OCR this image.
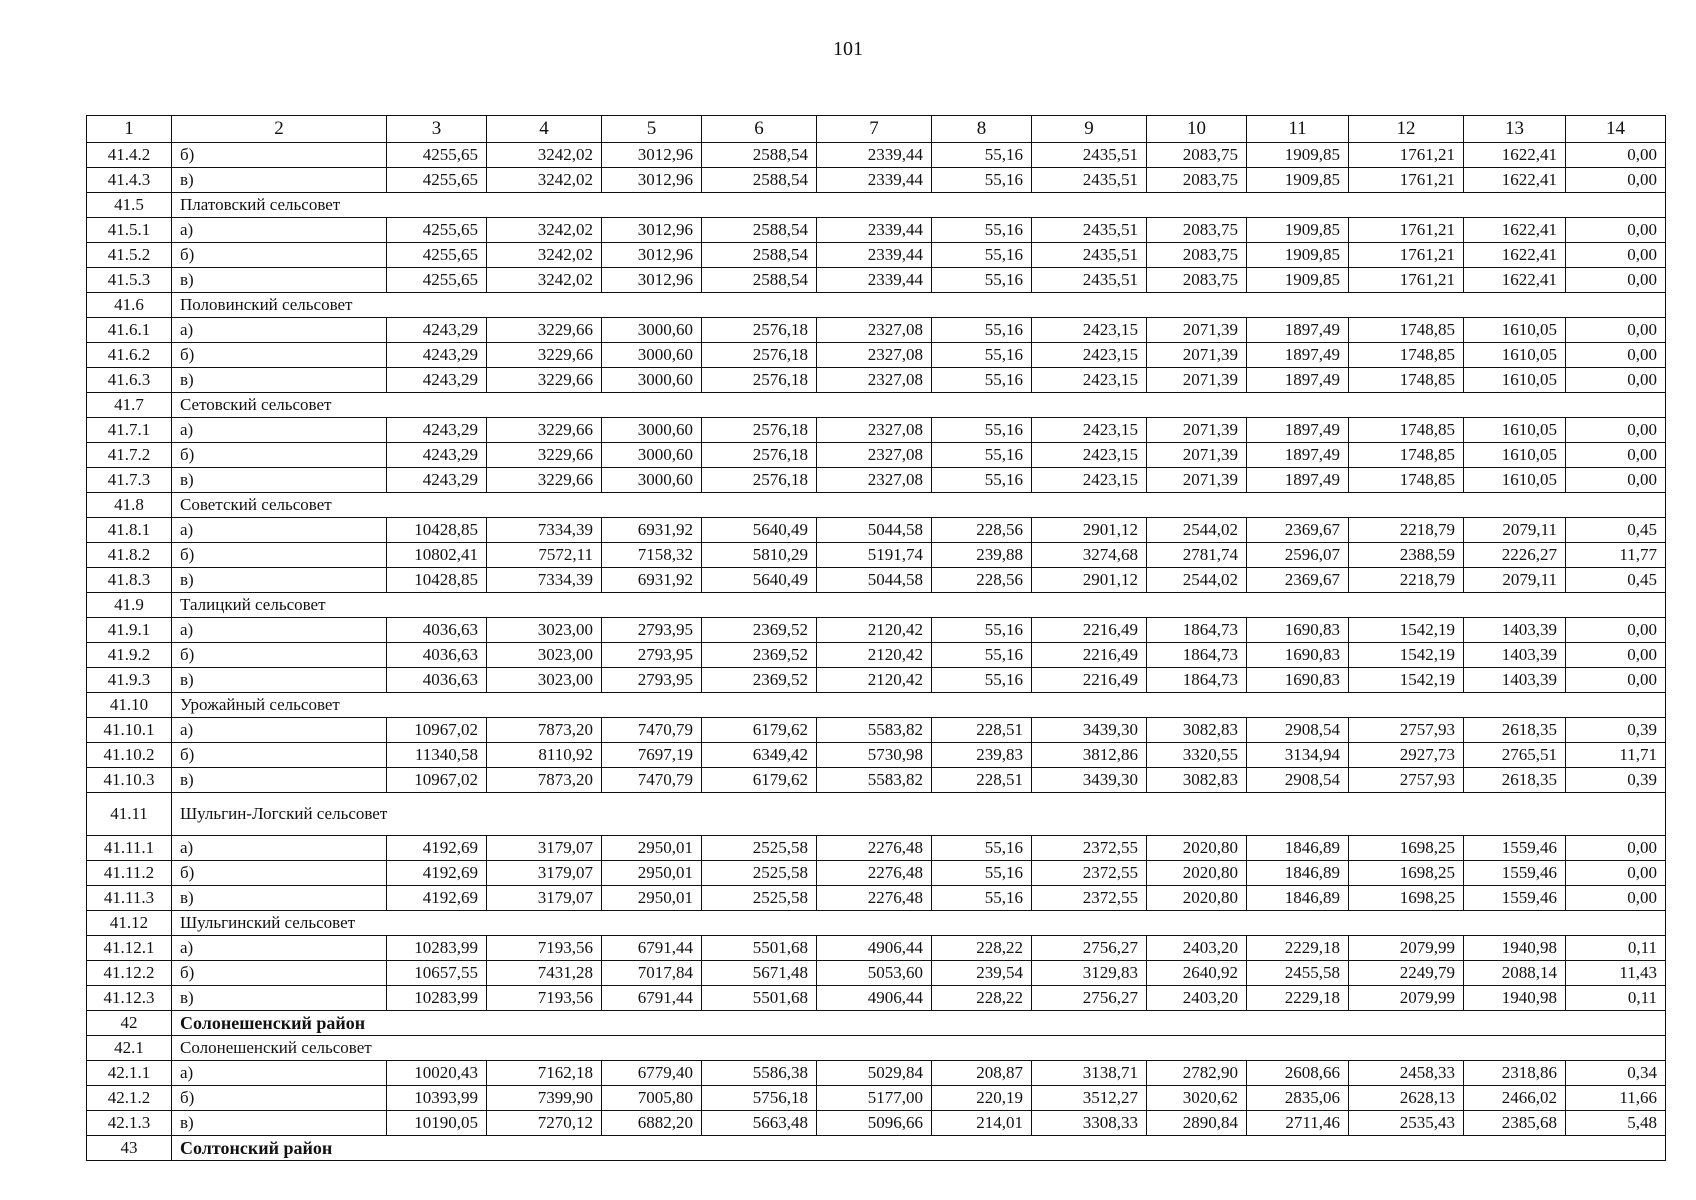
101
1	2	3	4	5	6	7	8	9	10	11	12	13	14
41.4.2	б)	4255,65	3242,02	3012,96	2588,54	2339,44	55,16	2435,51	2083,75	1909,85	1761,21	1622,41	0,00
41.4.3	в)	4255,65	3242,02	3012,96	2588,54	2339,44	55,16	2435,51	2083,75	1909,85	1761,21	1622,41	0,00
41.5	Платовский сельсовет												
41.5.1	а)	4255,65	3242,02	3012,96	2588,54	2339,44	55,16	2435,51	2083,75	1909,85	1761,21	1622,41	0,00
41.5.2	б)	4255,65	3242,02	3012,96	2588,54	2339,44	55,16	2435,51	2083,75	1909,85	1761,21	1622,41	0,00
41.5.3	в)	4255,65	3242,02	3012,96	2588,54	2339,44	55,16	2435,51	2083,75	1909,85	1761,21	1622,41	0,00
41.6	Половинский сельсовет												
41.6.1	а)	4243,29	3229,66	3000,60	2576,18	2327,08	55,16	2423,15	2071,39	1897,49	1748,85	1610,05	0,00
41.6.2	б)	4243,29	3229,66	3000,60	2576,18	2327,08	55,16	2423,15	2071,39	1897,49	1748,85	1610,05	0,00
41.6.3	в)	4243,29	3229,66	3000,60	2576,18	2327,08	55,16	2423,15	2071,39	1897,49	1748,85	1610,05	0,00
41.7	Сетовский сельсовет												
41.7.1	а)	4243,29	3229,66	3000,60	2576,18	2327,08	55,16	2423,15	2071,39	1897,49	1748,85	1610,05	0,00
41.7.2	б)	4243,29	3229,66	3000,60	2576,18	2327,08	55,16	2423,15	2071,39	1897,49	1748,85	1610,05	0,00
41.7.3	в)	4243,29	3229,66	3000,60	2576,18	2327,08	55,16	2423,15	2071,39	1897,49	1748,85	1610,05	0,00
41.8	Советский сельсовет												
41.8.1	а)	10428,85	7334,39	6931,92	5640,49	5044,58	228,56	2901,12	2544,02	2369,67	2218,79	2079,11	0,45
41.8.2	б)	10802,41	7572,11	7158,32	5810,29	5191,74	239,88	3274,68	2781,74	2596,07	2388,59	2226,27	11,77
41.8.3	в)	10428,85	7334,39	6931,92	5640,49	5044,58	228,56	2901,12	2544,02	2369,67	2218,79	2079,11	0,45
41.9	Талицкий сельсовет												
41.9.1	а)	4036,63	3023,00	2793,95	2369,52	2120,42	55,16	2216,49	1864,73	1690,83	1542,19	1403,39	0,00
41.9.2	б)	4036,63	3023,00	2793,95	2369,52	2120,42	55,16	2216,49	1864,73	1690,83	1542,19	1403,39	0,00
41.9.3	в)	4036,63	3023,00	2793,95	2369,52	2120,42	55,16	2216,49	1864,73	1690,83	1542,19	1403,39	0,00
41.10	Урожайный сельсовет												
41.10.1	а)	10967,02	7873,20	7470,79	6179,62	5583,82	228,51	3439,30	3082,83	2908,54	2757,93	2618,35	0,39
41.10.2	б)	11340,58	8110,92	7697,19	6349,42	5730,98	239,83	3812,86	3320,55	3134,94	2927,73	2765,51	11,71
41.10.3	в)	10967,02	7873,20	7470,79	6179,62	5583,82	228,51	3439,30	3082,83	2908,54	2757,93	2618,35	0,39
41.11	Шульгин-Логский сельсовет												
41.11.1	а)	4192,69	3179,07	2950,01	2525,58	2276,48	55,16	2372,55	2020,80	1846,89	1698,25	1559,46	0,00
41.11.2	б)	4192,69	3179,07	2950,01	2525,58	2276,48	55,16	2372,55	2020,80	1846,89	1698,25	1559,46	0,00
41.11.3	в)	4192,69	3179,07	2950,01	2525,58	2276,48	55,16	2372,55	2020,80	1846,89	1698,25	1559,46	0,00
41.12	Шульгинский сельсовет												
41.12.1	а)	10283,99	7193,56	6791,44	5501,68	4906,44	228,22	2756,27	2403,20	2229,18	2079,99	1940,98	0,11
41.12.2	б)	10657,55	7431,28	7017,84	5671,48	5053,60	239,54	3129,83	2640,92	2455,58	2249,79	2088,14	11,43
41.12.3	в)	10283,99	7193,56	6791,44	5501,68	4906,44	228,22	2756,27	2403,20	2229,18	2079,99	1940,98	0,11
42	Солонешенский район												
42.1	Солонешенский сельсовет												
42.1.1	а)	10020,43	7162,18	6779,40	5586,38	5029,84	208,87	3138,71	2782,90	2608,66	2458,33	2318,86	0,34
42.1.2	б)	10393,99	7399,90	7005,80	5756,18	5177,00	220,19	3512,27	3020,62	2835,06	2628,13	2466,02	11,66
42.1.3	в)	10190,05	7270,12	6882,20	5663,48	5096,66	214,01	3308,33	2890,84	2711,46	2535,43	2385,68	5,48
43	Солтонский район												
